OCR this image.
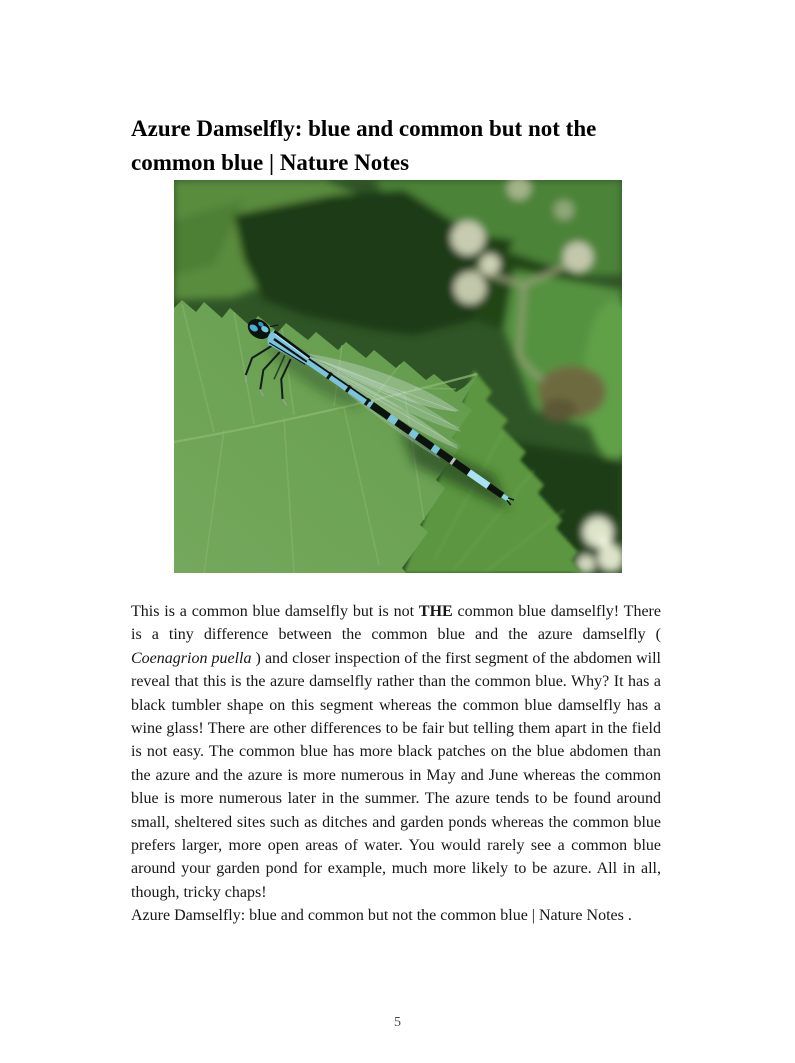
Azure Damselfly: blue and common but not the common blue | Nature Notes

This is a common blue damselfly but is not THE common blue damselfly! There is a tiny difference between the common blue and the azure damselfly ( Coenagrion puella ) and closer inspection of the first segment of the abdomen will reveal that this is the azure damselfly rather than the common blue. Why? It has a black tumbler shape on this segment whereas the common blue damselfly has a wine glass! There are other differences to be fair but telling them apart in the field is not easy. The common blue has more black patches on the blue abdomen than the azure and the azure is more numerous in May and June whereas the common blue is more numerous later in the summer. The azure tends to be found around small, sheltered sites such as ditches and garden ponds whereas the common blue prefers larger, more open areas of water. You would rarely see a common blue around your garden pond for example, much more likely to be azure. All in all, though, tricky chaps!

Azure Damselfly: blue and common but not the common blue | Nature Notes .

5
